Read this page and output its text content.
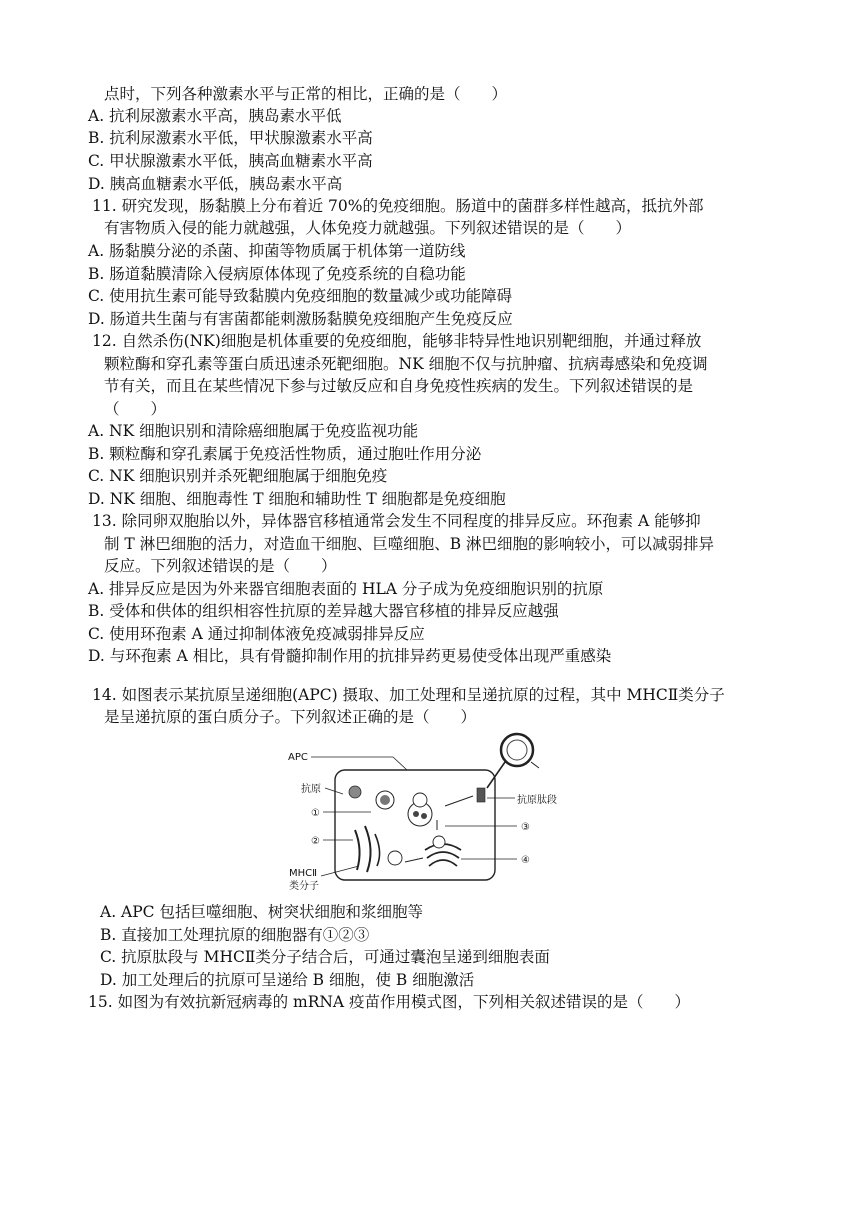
点时，下列各种激素水平与正常的相比，正确的是（　　）
A. 抗利尿激素水平高，胰岛素水平低
B. 抗利尿激素水平低，甲状腺激素水平高
C. 甲状腺激素水平低，胰高血糖素水平高
D. 胰高血糖素水平低，胰岛素水平高
11. 研究发现，肠黏膜上分布着近 70%的免疫细胞。肠道中的菌群多样性越高，抵抗外部
有害物质入侵的能力就越强，人体免疫力就越强。下列叙述错误的是（　　）
A. 肠黏膜分泌的杀菌、抑菌等物质属于机体第一道防线
B. 肠道黏膜清除入侵病原体体现了免疫系统的自稳功能
C. 使用抗生素可能导致黏膜内免疫细胞的数量减少或功能障碍
D. 肠道共生菌与有害菌都能刺激肠黏膜免疫细胞产生免疫反应
12. 自然杀伤(NK)细胞是机体重要的免疫细胞，能够非特异性地识别靶细胞，并通过释放
颗粒酶和穿孔素等蛋白质迅速杀死靶细胞。NK 细胞不仅与抗肿瘤、抗病毒感染和免疫调
节有关，而且在某些情况下参与过敏反应和自身免疫性疾病的发生。下列叙述错误的是
（　　）
A. NK 细胞识别和清除癌细胞属于免疫监视功能
B. 颗粒酶和穿孔素属于免疫活性物质，通过胞吐作用分泌
C. NK 细胞识别并杀死靶细胞属于细胞免疫
D. NK 细胞、细胞毒性 T 细胞和辅助性 T 细胞都是免疫细胞
13. 除同卵双胞胎以外，异体器官移植通常会发生不同程度的排异反应。环孢素 A 能够抑
制 T 淋巴细胞的活力，对造血干细胞、巨噬细胞、B 淋巴细胞的影响较小，可以减弱排异
反应。下列叙述错误的是（　　）
A. 排异反应是因为外来器官细胞表面的 HLA 分子成为免疫细胞识别的抗原
B. 受体和供体的组织相容性抗原的差异越大器官移植的排异反应越强
C. 使用环孢素 A 通过抑制体液免疫减弱排异反应
D. 与环孢素 A 相比，具有骨髓抑制作用的抗排异药更易使受体出现严重感染
14. 如图表示某抗原呈递细胞(APC) 摄取、加工处理和呈递抗原的过程，其中 MHCⅡ类分子
是呈递抗原的蛋白质分子。下列叙述正确的是（　　）
APC
抗原
①
②
③
④
抗原肽段
MHCⅡ
类分子
A. APC 包括巨噬细胞、树突状细胞和浆细胞等
B. 直接加工处理抗原的细胞器有①②③
C. 抗原肽段与 MHCⅡ类分子结合后，可通过囊泡呈递到细胞表面
D. 加工处理后的抗原可呈递给 B 细胞，使 B 细胞激活
15. 如图为有效抗新冠病毒的 mRNA 疫苗作用模式图，下列相关叙述错误的是（　　）
